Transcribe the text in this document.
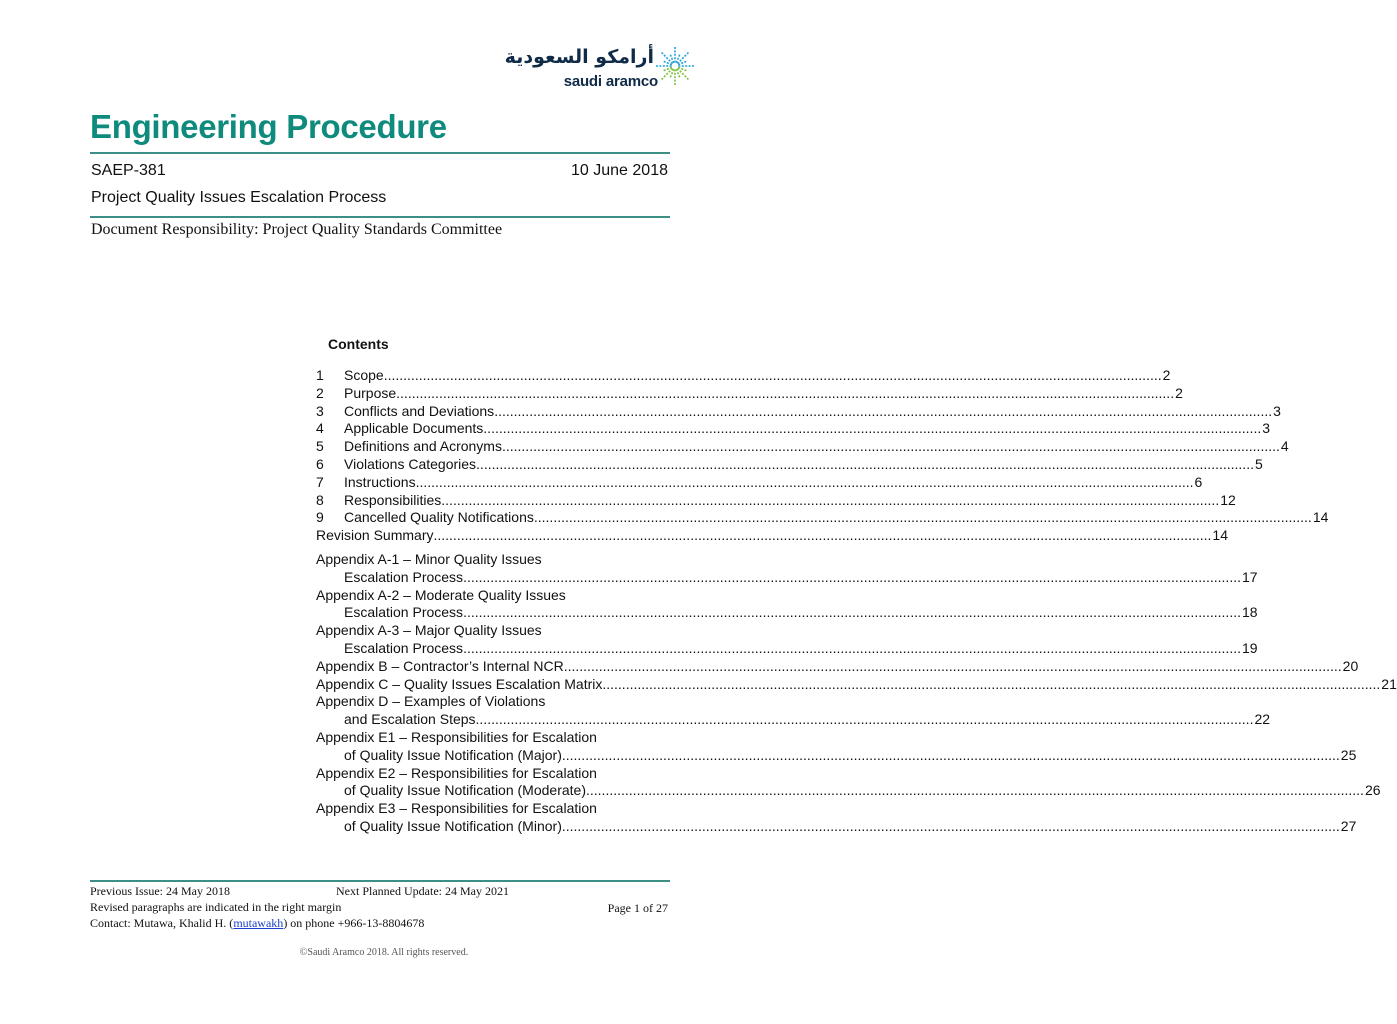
أرامكو السعودية
saudi aramco
Engineering Procedure
SAEP-381	10 June 2018
Project Quality Issues Escalation Process
Document Responsibility: Project Quality Standards Committee
Contents
1	Scope ........................................................................................................................................................................................................ 2
2	Purpose ........................................................................................................................................................................................................ 2
3	Conflicts and Deviations ........................................................................................................................................................................................................ 3
4	Applicable Documents ........................................................................................................................................................................................................ 3
5	Definitions and Acronyms ........................................................................................................................................................................................................ 4
6	Violations Categories ........................................................................................................................................................................................................ 5
7	Instructions ........................................................................................................................................................................................................ 6
8	Responsibilities ........................................................................................................................................................................................................ 12
9	Cancelled Quality Notifications ........................................................................................................................................................................................................ 14
Revision Summary ........................................................................................................................................................................................................ 14
Appendix A-1 – Minor Quality Issues
Escalation Process ........................................................................................................................................................................................................ 17
Appendix A-2 – Moderate Quality Issues
Escalation Process ........................................................................................................................................................................................................ 18
Appendix A-3 – Major Quality Issues
Escalation Process ........................................................................................................................................................................................................ 19
Appendix B – Contractor’s Internal NCR ........................................................................................................................................................................................................ 20
Appendix C – Quality Issues Escalation Matrix ........................................................................................................................................................................................................ 21
Appendix D – Examples of Violations
and Escalation Steps ........................................................................................................................................................................................................ 22
Appendix E1 – Responsibilities for Escalation
of Quality Issue Notification (Major) ........................................................................................................................................................................................................ 25
Appendix E2 – Responsibilities for Escalation
of Quality Issue Notification (Moderate) ........................................................................................................................................................................................................ 26
Appendix E3 – Responsibilities for Escalation
of Quality Issue Notification (Minor) ........................................................................................................................................................................................................ 27
Previous Issue: 24 May 2018	Next Planned Update: 24 May 2021
Revised paragraphs are indicated in the right margin	Page 1 of 27
Contact: Mutawa, Khalid H. (mutawakh) on phone +966-13-8804678
©Saudi Aramco 2018. All rights reserved.
